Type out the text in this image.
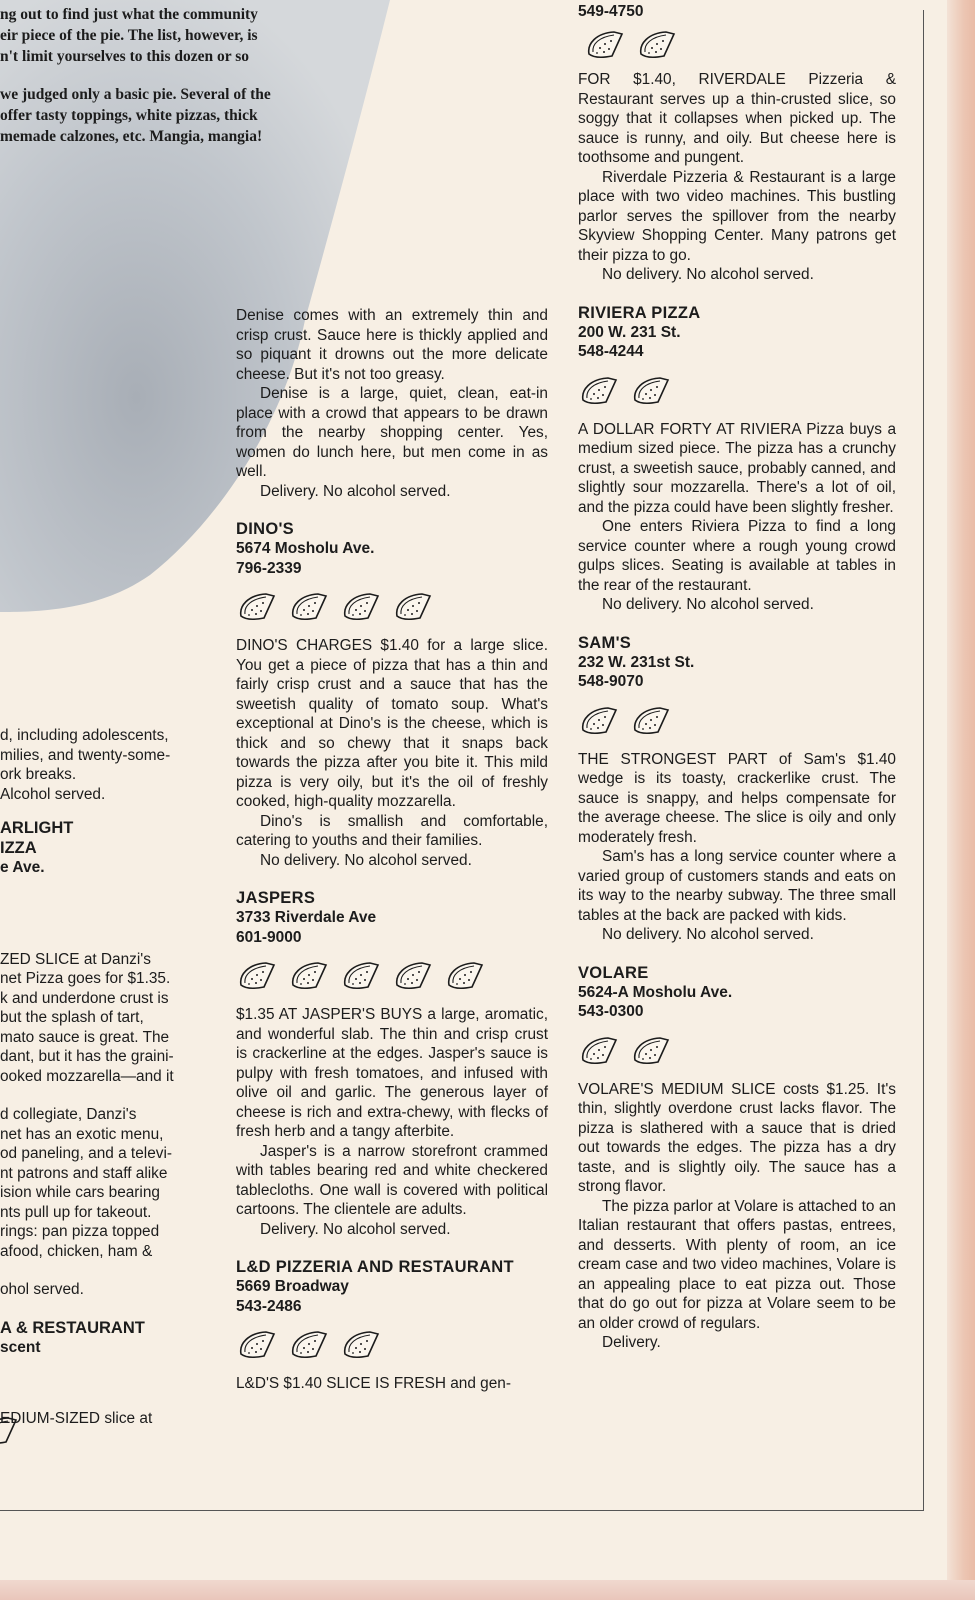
ng out to find just what the community
eir piece of the pie. The list, however, is
n't limit yourselves to this dozen or so
we judged only a basic pie. Several of the
offer tasty toppings, white pizzas, thick
memade calzones, etc. Mangia, mangia!

d, including adolescents,

milies, and twenty-some-

ork breaks.

Alcohol served.

ARLIGHT
IZZA
e Ave.

ZED SLICE at Danzi's

net Pizza goes for $1.35.

k and underdone crust is

but the splash of tart,

mato sauce is great. The

dant, but it has the graini-

ooked mozzarella—and it

d collegiate, Danzi's

net has an exotic menu,

od paneling, and a televi-

nt patrons and staff alike

ision while cars bearing

nts pull up for takeout.

rings: pan pizza topped

afood, chicken, ham &

ohol served.

A & RESTAURANT
scent

EDIUM-SIZED slice at

Denise comes with an extremely thin and crisp crust. Sauce here is thickly applied and so piquant it drowns out the more delicate cheese. But it's not too greasy.

Denise is a large, quiet, clean, eat-in place with a crowd that appears to be drawn from the nearby shopping center. Yes, women do lunch here, but men come in as well.

Delivery. No alcohol served.

DINO'S
5674 Mosholu Ave.
796-2339

DINO'S CHARGES $1.40 for a large slice. You get a piece of pizza that has a thin and fairly crisp crust and a sauce that has the sweetish quality of tomato soup. What's exceptional at Dino's is the cheese, which is thick and so chewy that it snaps back towards the pizza after you bite it. This mild pizza is very oily, but it's the oil of freshly cooked, high-quality mozzarella.

Dino's is smallish and comfortable, catering to youths and their families.

No delivery. No alcohol served.

JASPERS
3733 Riverdale Ave
601-9000

$1.35 AT JASPER'S BUYS a large, aromatic, and wonderful slab. The thin and crisp crust is crackerline at the edges. Jasper's sauce is pulpy with fresh tomatoes, and infused with olive oil and garlic. The generous layer of cheese is rich and extra-chewy, with flecks of fresh herb and a tangy afterbite.

Jasper's is a narrow storefront crammed with tables bearing red and white checkered tablecloths. One wall is covered with political cartoons. The clientele are adults.

Delivery. No alcohol served.

L&D PIZZERIA AND RESTAURANT
5669 Broadway
543-2486

L&D'S $1.40 SLICE IS FRESH and gen-

549-4750

FOR $1.40, RIVERDALE Pizzeria & Restaurant serves up a thin-crusted slice, so soggy that it collapses when picked up. The sauce is runny, and oily. But cheese here is toothsome and pungent.

Riverdale Pizzeria & Restaurant is a large place with two video machines. This bustling parlor serves the spillover from the nearby Skyview Shopping Center. Many patrons get their pizza to go.

No delivery. No alcohol served.

RIVIERA PIZZA
200 W. 231 St.
548-4244

A DOLLAR FORTY AT RIVIERA Pizza buys a medium sized piece. The pizza has a crunchy crust, a sweetish sauce, probably canned, and slightly sour mozzarella. There's a lot of oil, and the pizza could have been slightly fresher.

One enters Riviera Pizza to find a long service counter where a rough young crowd gulps slices. Seating is available at tables in the rear of the restaurant.

No delivery. No alcohol served.

SAM'S
232 W. 231st St.
548-9070

THE STRONGEST PART of Sam's $1.40 wedge is its toasty, crackerlike crust. The sauce is snappy, and helps compensate for the average cheese. The slice is oily and only moderately fresh.

Sam's has a long service counter where a varied group of customers stands and eats on its way to the nearby subway. The three small tables at the back are packed with kids.

No delivery. No alcohol served.

VOLARE
5624-A Mosholu Ave.
543-0300

VOLARE'S MEDIUM SLICE costs $1.25. It's thin, slightly overdone crust lacks flavor. The pizza is slathered with a sauce that is dried out towards the edges. The pizza has a dry taste, and is slightly oily. The sauce has a strong flavor.

The pizza parlor at Volare is attached to an Italian restaurant that offers pastas, entrees, and desserts. With plenty of room, an ice cream case and two video machines, Volare is an appealing place to eat pizza out. Those that do go out for pizza at Volare seem to be an older crowd of regulars.

Delivery.
